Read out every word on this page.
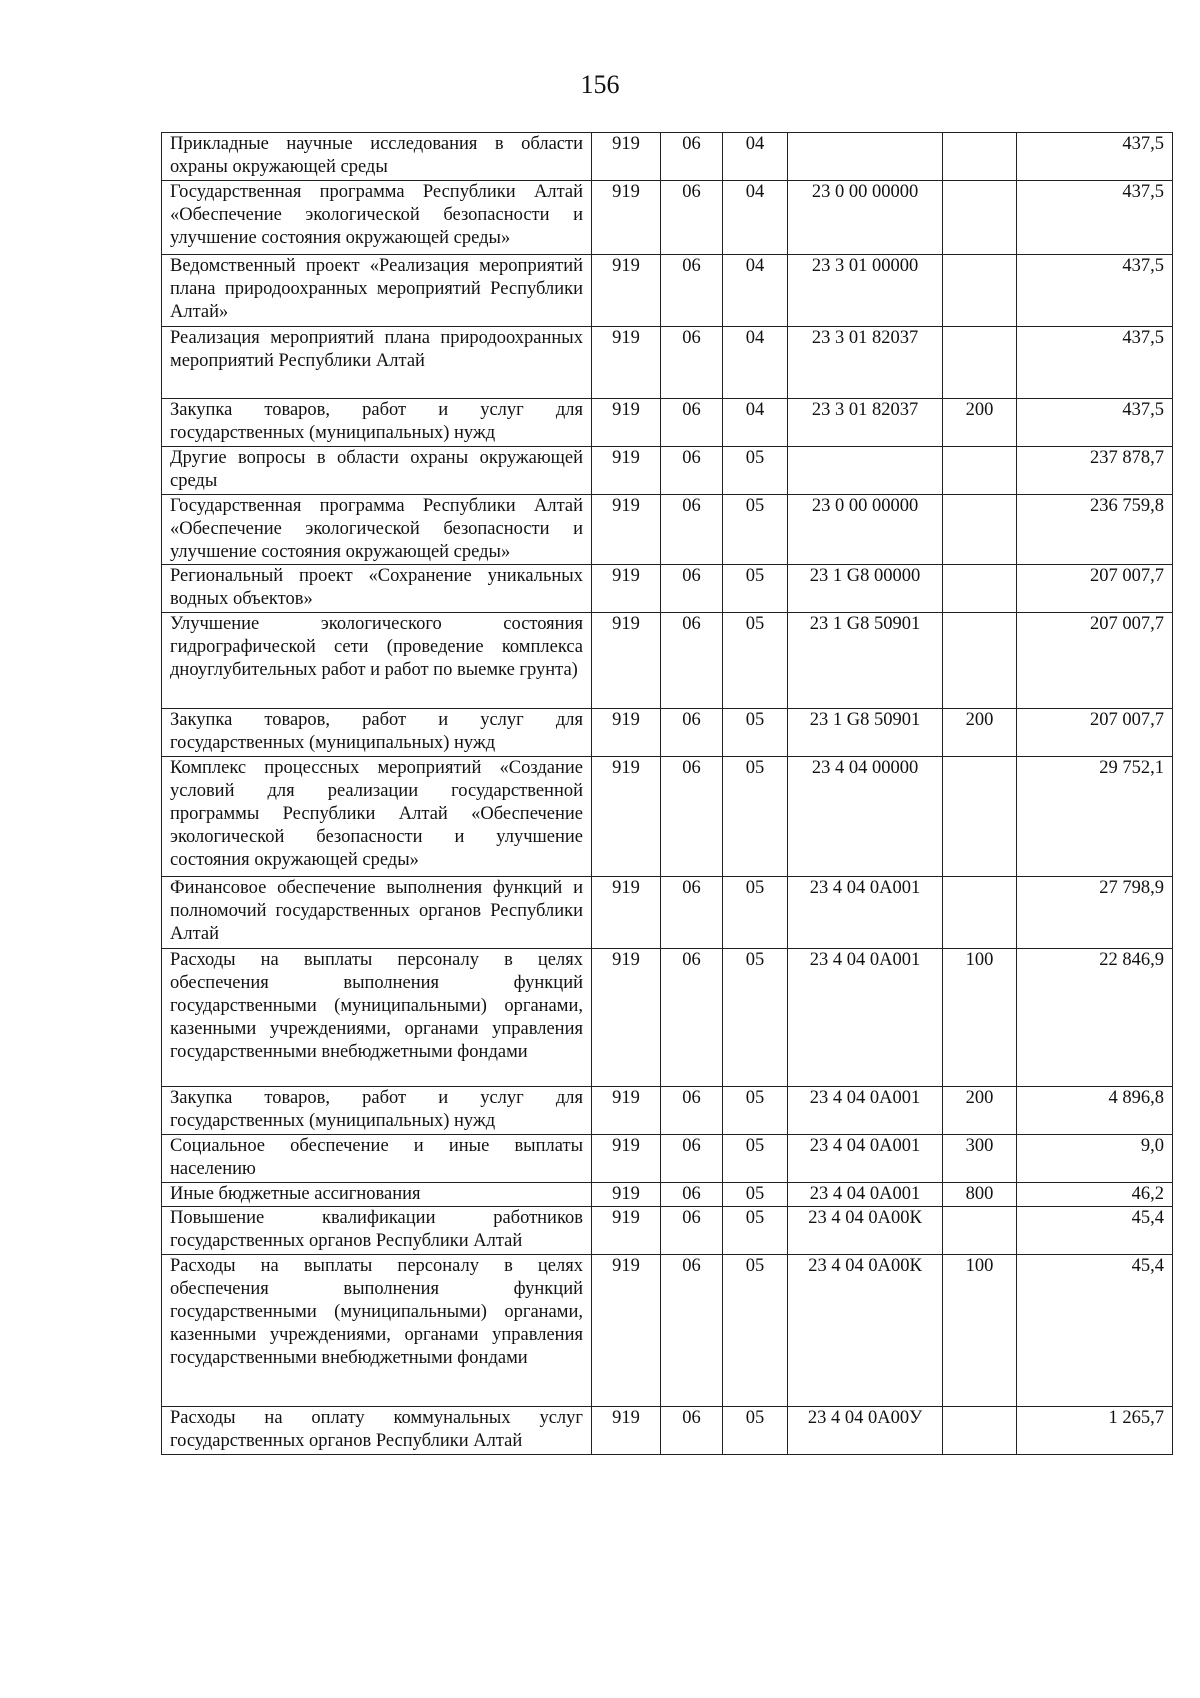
156
Прикладные научные исследования в области охраны окружающей среды	919	06	04			437,5
Государственная программа Республики Алтай «Обеспечение экологической безопасности и улучшение состояния окружающей среды»	919	06	04	23 0 00 00000		437,5
Ведомственный проект «Реализация мероприятий плана природоохранных мероприятий Республики Алтай»	919	06	04	23 3 01 00000		437,5
Реализация мероприятий плана природоохранных мероприятий Республики Алтай	919	06	04	23 3 01 82037		437,5
Закупка товаров, работ и услуг для государственных (муниципальных) нужд	919	06	04	23 3 01 82037	200	437,5
Другие вопросы в области охраны окружающей среды	919	06	05			237 878,7
Государственная программа Республики Алтай «Обеспечение экологической безопасности и улучшение состояния окружающей среды»	919	06	05	23 0 00 00000		236 759,8
Региональный проект «Сохранение уникальных водных объектов»	919	06	05	23 1 G8 00000		207 007,7
Улучшение экологического состояния гидрографической сети (проведение комплекса дноуглубительных работ и работ по выемке грунта)	919	06	05	23 1 G8 50901		207 007,7
Закупка товаров, работ и услуг для государственных (муниципальных) нужд	919	06	05	23 1 G8 50901	200	207 007,7
Комплекс процессных мероприятий «Создание условий для реализации государственной программы Республики Алтай «Обеспечение экологической безопасности и улучшение состояния окружающей среды»	919	06	05	23 4 04 00000		29 752,1
Финансовое обеспечение выполнения функций и полномочий государственных органов Республики Алтай	919	06	05	23 4 04 0А001		27 798,9
Расходы на выплаты персоналу в целях обеспечения выполнения функций государственными (муниципальными) органами, казенными учреждениями, органами управления государственными внебюджетными фондами	919	06	05	23 4 04 0А001	100	22 846,9
Закупка товаров, работ и услуг для государственных (муниципальных) нужд	919	06	05	23 4 04 0А001	200	4 896,8
Социальное обеспечение и иные выплаты населению	919	06	05	23 4 04 0А001	300	9,0
Иные бюджетные ассигнования	919	06	05	23 4 04 0А001	800	46,2
Повышение квалификации работников государственных органов Республики Алтай	919	06	05	23 4 04 0А00К		45,4
Расходы на выплаты персоналу в целях обеспечения выполнения функций государственными (муниципальными) органами, казенными учреждениями, органами управления государственными внебюджетными фондами	919	06	05	23 4 04 0А00К	100	45,4
Расходы на оплату коммунальных услуг государственных органов Республики Алтай	919	06	05	23 4 04 0А00У		1 265,7
